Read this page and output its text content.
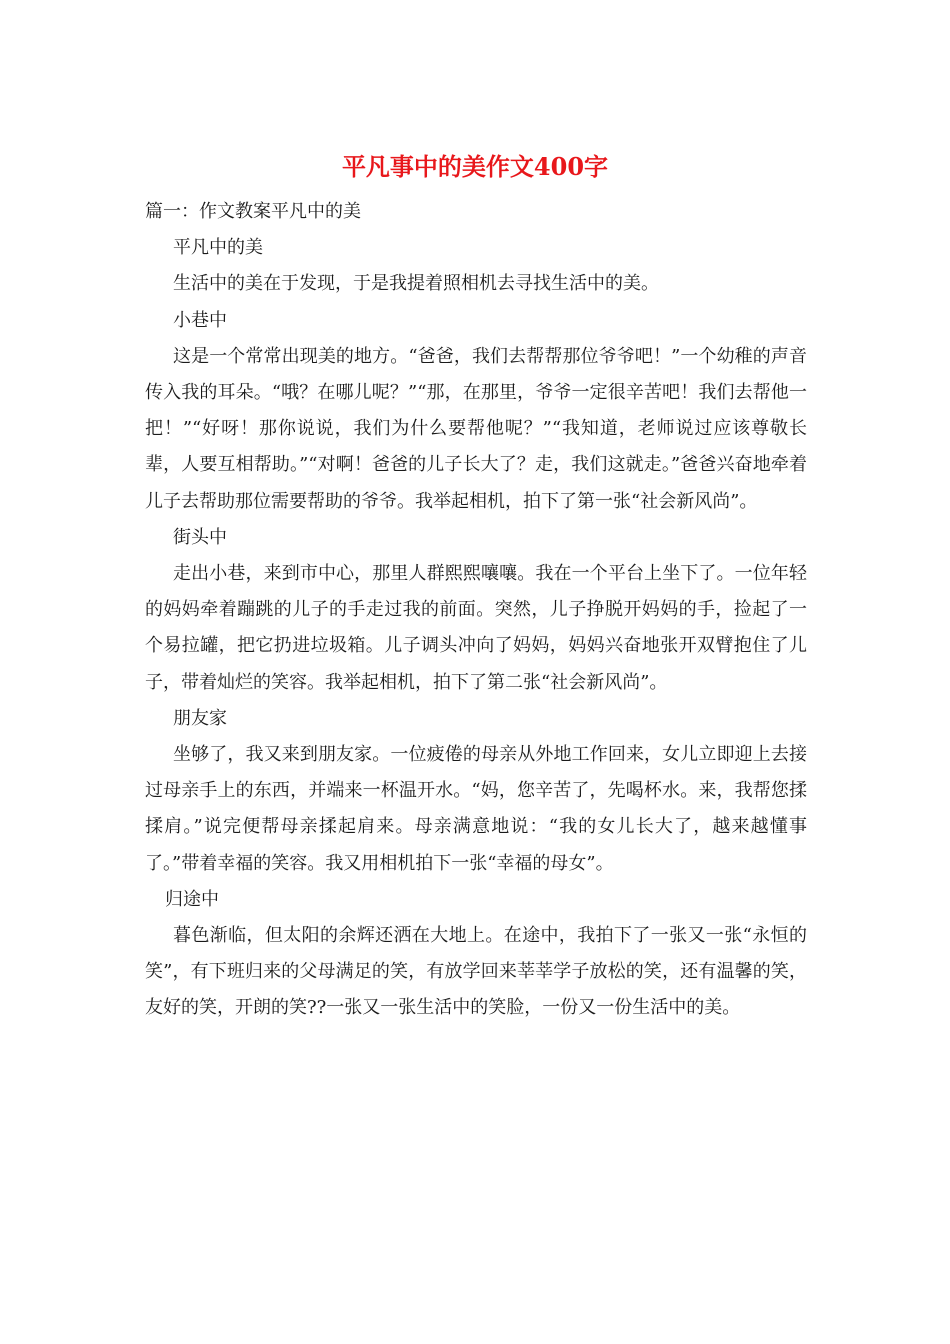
平凡事中的美作文400字

篇一：作文教案平凡中的美

平凡中的美

生活中的美在于发现，于是我提着照相机去寻找生活中的美。

小巷中

这是一个常常出现美的地方。“爸爸，我们去帮帮那位爷爷吧！”一个幼稚的声音传入我的耳朵。“哦？在哪儿呢？”“那，在那里，爷爷一定很辛苦吧！我们去帮他一把！”“好呀！那你说说，我们为什么要帮他呢？”“我知道，老师说过应该尊敬长辈，人要互相帮助。”“对啊！爸爸的儿子长大了？走，我们这就走。”爸爸兴奋地牵着儿子去帮助那位需要帮助的爷爷。我举起相机，拍下了第一张“社会新风尚”。

街头中

走出小巷，来到市中心，那里人群熙熙嚷嚷。我在一个平台上坐下了。一位年轻的妈妈牵着蹦跳的儿子的手走过我的前面。突然，儿子挣脱开妈妈的手，捡起了一个易拉罐，把它扔进垃圾箱。儿子调头冲向了妈妈，妈妈兴奋地张开双臂抱住了儿子，带着灿烂的笑容。我举起相机，拍下了第二张“社会新风尚”。

朋友家

坐够了，我又来到朋友家。一位疲倦的母亲从外地工作回来，女儿立即迎上去接过母亲手上的东西，并端来一杯温开水。“妈，您辛苦了，先喝杯水。来，我帮您揉揉肩。”说完便帮母亲揉起肩来。母亲满意地说：“我的女儿长大了，越来越懂事了。”带着幸福的笑容。我又用相机拍下一张“幸福的母女”。

归途中

暮色渐临，但太阳的余辉还洒在大地上。在途中，我拍下了一张又一张“永恒的笑”，有下班归来的父母满足的笑，有放学回来莘莘学子放松的笑，还有温馨的笑，友好的笑，开朗的笑??一张又一张生活中的笑脸，一份又一份生活中的美。
